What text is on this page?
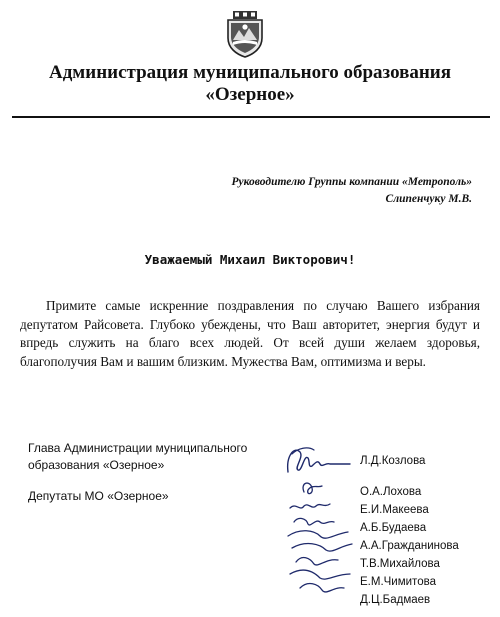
Администрация муниципального образования
«Озерное»
Руководителю Группы компании «Метрополь»
Слипенчуку М.В.
Уважаемый Михаил Викторович!
Примите самые искренние поздравления по случаю Вашего избрания депутатом Райсовета. Глубоко убеждены, что Ваш авторитет, энергия будут и впредь служить на благо всех людей. От всей души желаем здоровья, благополучия Вам и вашим близким. Мужества Вам, оптимизма и веры.
Глава Администрации муниципального
образования «Озерное»	Л.Д.Козлова
Депутаты МО «Озерное»	О.А.Лохова
Е.И.Макеева
А.Б.Будаева
А.А.Гражданинова
Т.В.Михайлова
Е.М.Чимитова
Д.Ц.Бадмаев
